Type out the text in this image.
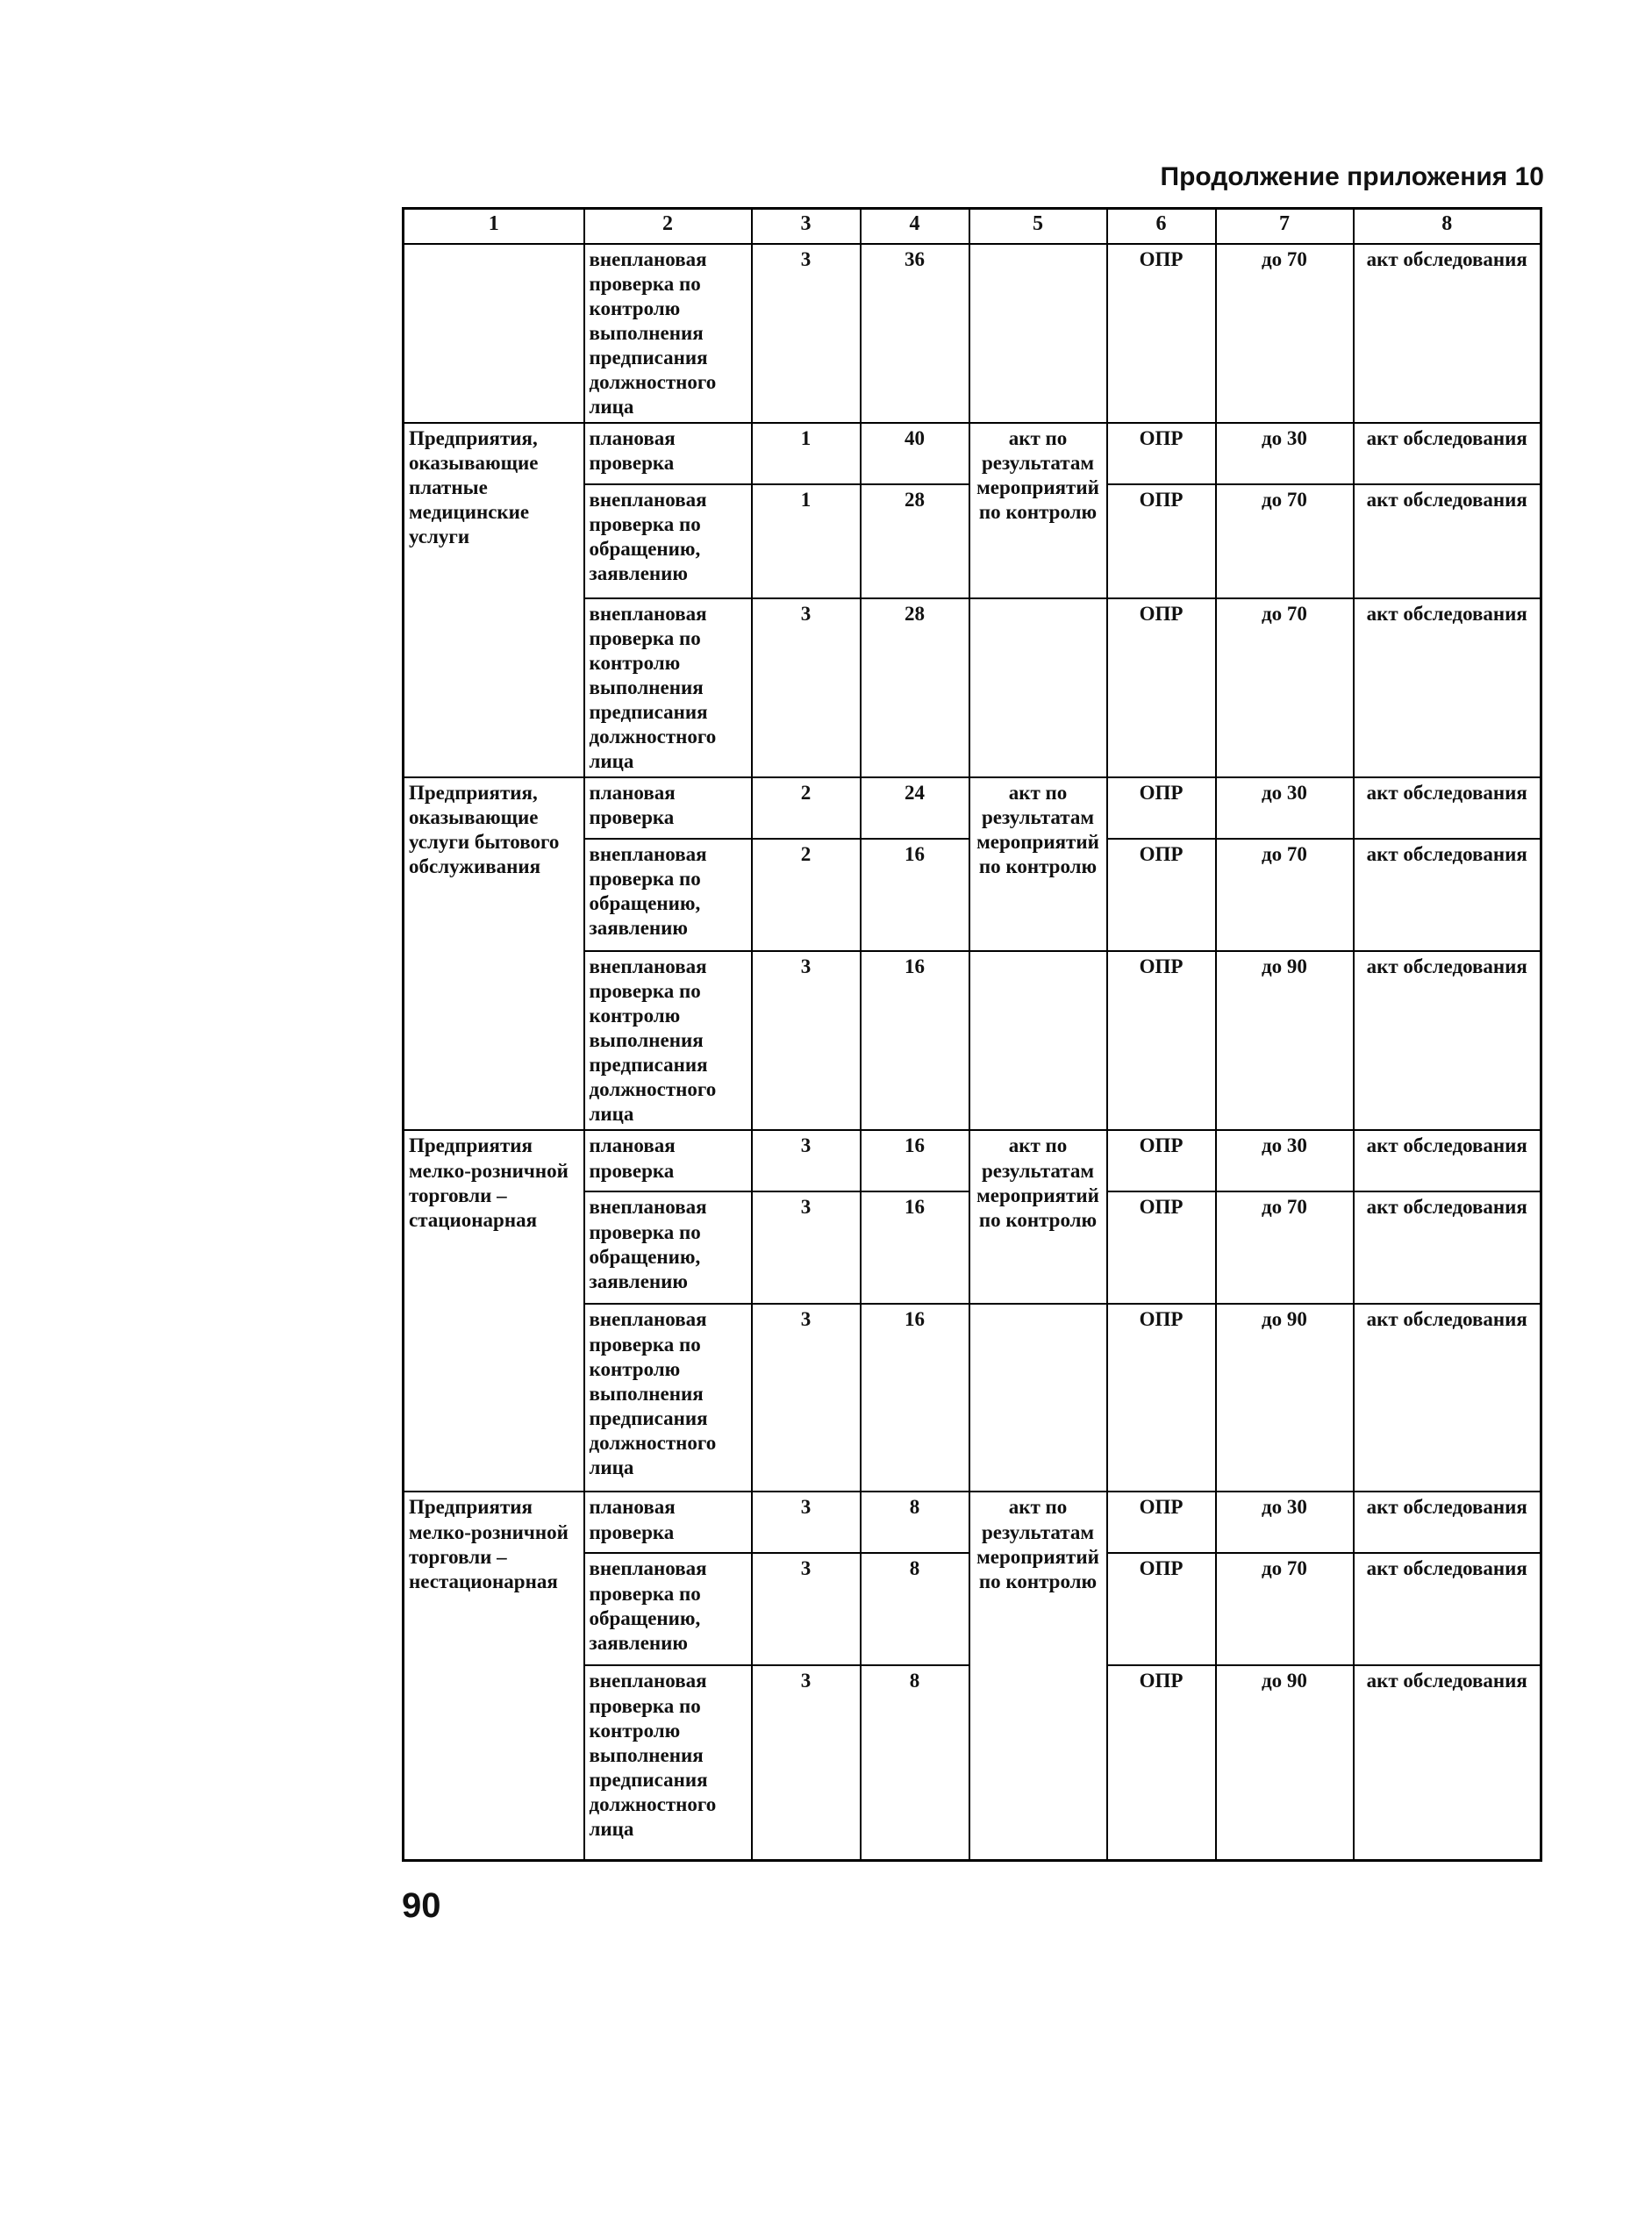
Продолжение приложения 10
1	2	3	4	5	6	7	8
	внеплановая проверка по контролю выполнения предписания должностного лица	3	36		ОПР	до 70	акт обследования
Предприятия, оказывающие платные медицинские услуги	плановая проверка	1	40	акт по результатам мероприятий по контролю	ОПР	до 30	акт обследования
	внеплановая проверка по обращению, заявлению	1	28		ОПР	до 70	акт обследования
	внеплановая проверка по контролю выполнения предписания должностного лица	3	28		ОПР	до 70	акт обследования
Предприятия, оказывающие услуги бытового обслуживания	плановая проверка	2	24	акт по результатам мероприятий по контролю	ОПР	до 30	акт обследования
	внеплановая проверка по обращению, заявлению	2	16		ОПР	до 70	акт обследования
	внеплановая проверка по контролю выполнения предписания должностного лица	3	16		ОПР	до 90	акт обследования
Предприятия мелко-розничной торговли – стационарная	плановая проверка	3	16	акт по результатам мероприятий по контролю	ОПР	до 30	акт обследования
	внеплановая проверка по обращению, заявлению	3	16		ОПР	до 70	акт обследования
	внеплановая проверка по контролю выполнения предписания должностного лица	3	16		ОПР	до 90	акт обследования
Предприятия мелко-розничной торговли – нестационарная	плановая проверка	3	8	акт по результатам мероприятий по контролю	ОПР	до 30	акт обследования
	внеплановая проверка по обращению, заявлению	3	8		ОПР	до 70	акт обследования
	внеплановая проверка по контролю выполнения предписания должностного лица	3	8		ОПР	до 90	акт обследования
90
